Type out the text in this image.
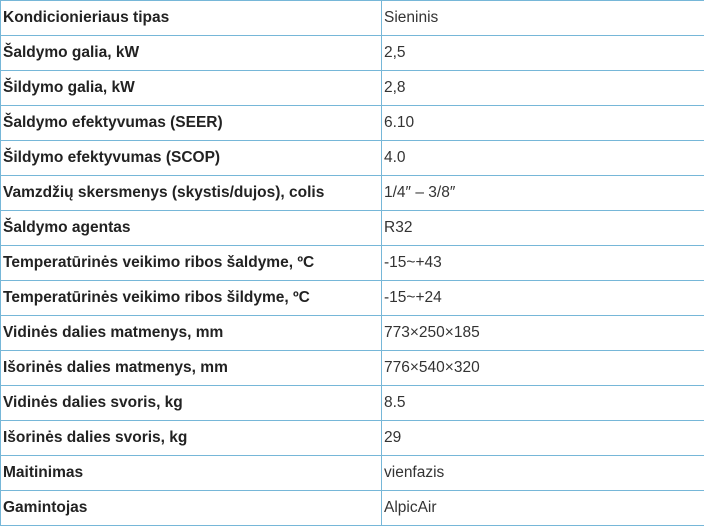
Kondicionieriaus tipas	Sieninis
Šaldymo galia, kW	2,5
Šildymo galia, kW	2,8
Šaldymo efektyvumas (SEER)	6.10
Šildymo efektyvumas (SCOP)	4.0
Vamzdžių skersmenys (skystis/dujos), colis	1/4″ – 3/8″
Šaldymo agentas	R32
Temperatūrinės veikimo ribos šaldyme, ºC	-15~+43
Temperatūrinės veikimo ribos šildyme, ºC	-15~+24
Vidinės dalies matmenys, mm	773×250×185
Išorinės dalies matmenys, mm	776×540×320
Vidinės dalies svoris, kg	8.5
Išorinės dalies svoris, kg	29
Maitinimas	vienfazis
Gamintojas	AlpicAir
